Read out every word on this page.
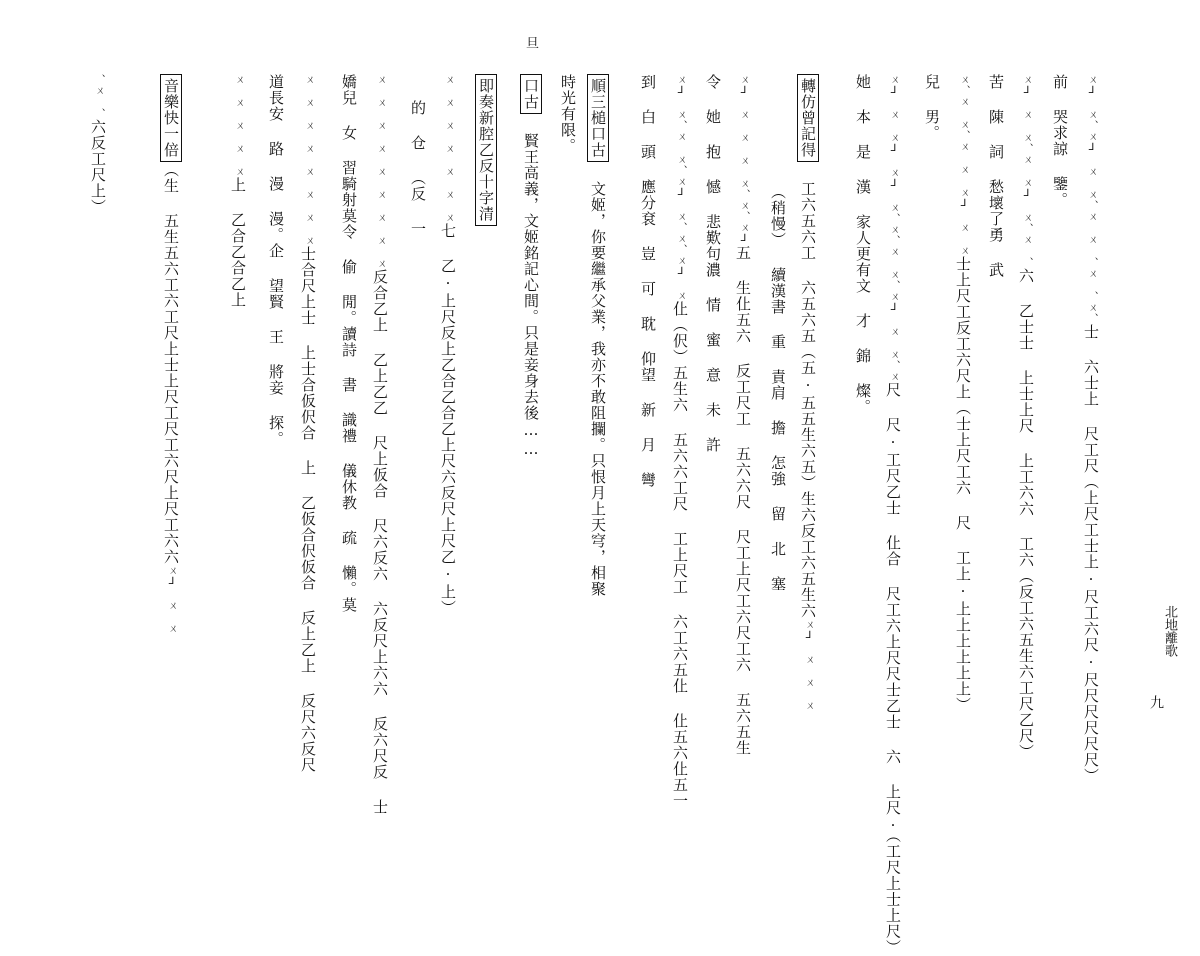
旦
ㄨ⅃ ㄨ、ㄨ⅃ ㄨ ㄨ、ㄨ ㄨ 、ㄨ 、ㄨ、士 六士上 尺工尺（上尺工士上·尺工六尺·尺尺尺尺尺尺）
前 哭求諒 鑒。
ㄨ⅃ ㄨ ㄨ、ㄨ ㄨ⅃ ㄨ、ㄨ 、六 乙士士 上士上尺 上工六六 工六（反工六五生六工尺乙尺）
苦 陳 詞 愁壞了勇 武
ㄨ、ㄨ ㄨ、ㄨ ㄨ ㄨ⅃ ㄨ ㄨ士上尺工反工六尺上（士上尺工六 尺 工上·上上上上上上）
兒 男。
ㄨ⅃ ㄨ ㄨ⅃ ㄨ⅃ ㄨ、ㄨ、ㄨ ㄨ、ㄨ⅃ ㄨ ㄨ、ㄨ尺 尺·工尺乙士 仩合 尺工六上尺尺士乙士 六 上尺·（工尺上士上尺）
她 本 是 漢 家人更有文 才 錦 燦。
轉仿曾記得 工六五六工 六五六五（五·五五生六五）生六反工六五生六ㄨ⅃ ㄨ ㄨ ㄨ
（稍慢） 續漢書 重 責肩 擔 怎強 留 北 塞
ㄨ⅃ ㄨ ㄨ ㄨ ㄨ、ㄨ、ㄨ⅃五 生仩五六 反工尺工 五六六尺 尺工上尺工六尺工六 五六五生
令 她 抱 憾 悲歎句濃 情 蜜 意 未 許
ㄨ⅃ ㄨ、ㄨ ㄨ、ㄨ⅃ ㄨ、ㄨ、ㄨ⅃ ㄨ仩（伬）五生六 五六六工尺 工上尺工 六工六五仩 仩五六仩五一
到 白 頭 應分袞 豈 可 耽 仰望 新 月 彎
順三槌口古 文姬，你要繼承父業，我亦不敢阻攔。只恨月上天穹，相聚
時光有限。
口古 賢王高義，文姬銘記心間。只是妾身去後……
即奏新腔乙反十字清
ㄨ ㄨ ㄨ ㄨ ㄨ ㄨ ㄨ七 乙·上尺反上乙合乙合乙上尺六反尺上尺乙·上）
的 仓 （反 一
ㄨ ㄨ ㄨ ㄨ ㄨ ㄨ ㄨ ㄨ ㄨ反合乙上 乙上乙乙 尺上仮合 尺六反六 六反尺上六六 反六尺反 士
嬌兒 女 習騎射莫令 偷 閒。讀詩 書 識禮 儀休教 疏 懶。莫
ㄨ ㄨ ㄨ ㄨ ㄨ ㄨ ㄨ ㄨ士合尺上士 上士合仮伬合 上 乙仮合伬仮合 反上乙上 反尺六反尺
道長安 路 漫 漫。企 望賢 王 將妾 探。
ㄨ ㄨ ㄨ ㄨ ㄨ上 乙合乙合乙上
音樂快一倍（生 五生五六工六工尺上士上尺工尺工六尺上尺工六六ㄨ⅃ ㄨ ㄨ
、ㄨ 、六反工尺上）
北地離歌
九
